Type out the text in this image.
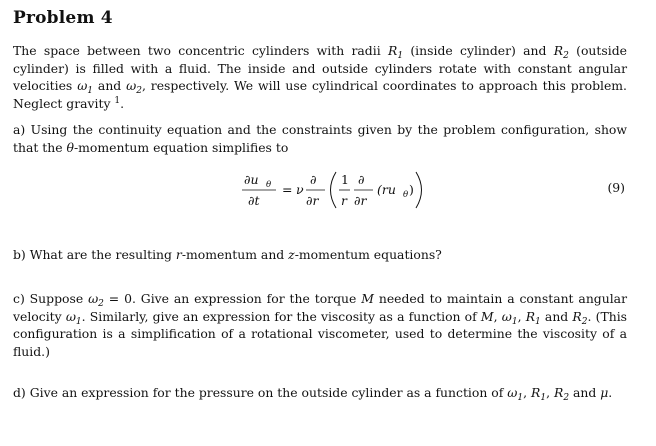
Problem 4

The space between two concentric cylinders with radii $R_1$ (inside cylinder) and $R_2$ (outside cylinder) is filled with a fluid. The inside and outside cylinders rotate with constant angular velocities $\omega_1$ and $\omega_2$, respectively. We will use cylindrical coordinates to approach this problem. Neglect gravity $^1$.

a) Using the continuity equation and the constraints given by the problem configuration, show that the θ-momentum equation simplifies to

∂u θ
∂t
= ν
∂
∂r
1
r
∂
∂r
(ru θ )	(9)

b) What are the resulting r-momentum and z-momentum equations?

c) Suppose $\omega_2 = 0$. Give an expression for the torque M needed to maintain a constant angular velocity $\omega_1$. Similarly, give an expression for the viscosity as a function of M, $\omega_1$, $R_1$ and $R_2$. (This configuration is a simplification of a rotational viscometer, used to determine the viscosity of a fluid.)

d) Give an expression for the pressure on the outside cylinder as a function of $\omega_1$, $R_1$, $R_2$ and μ.
